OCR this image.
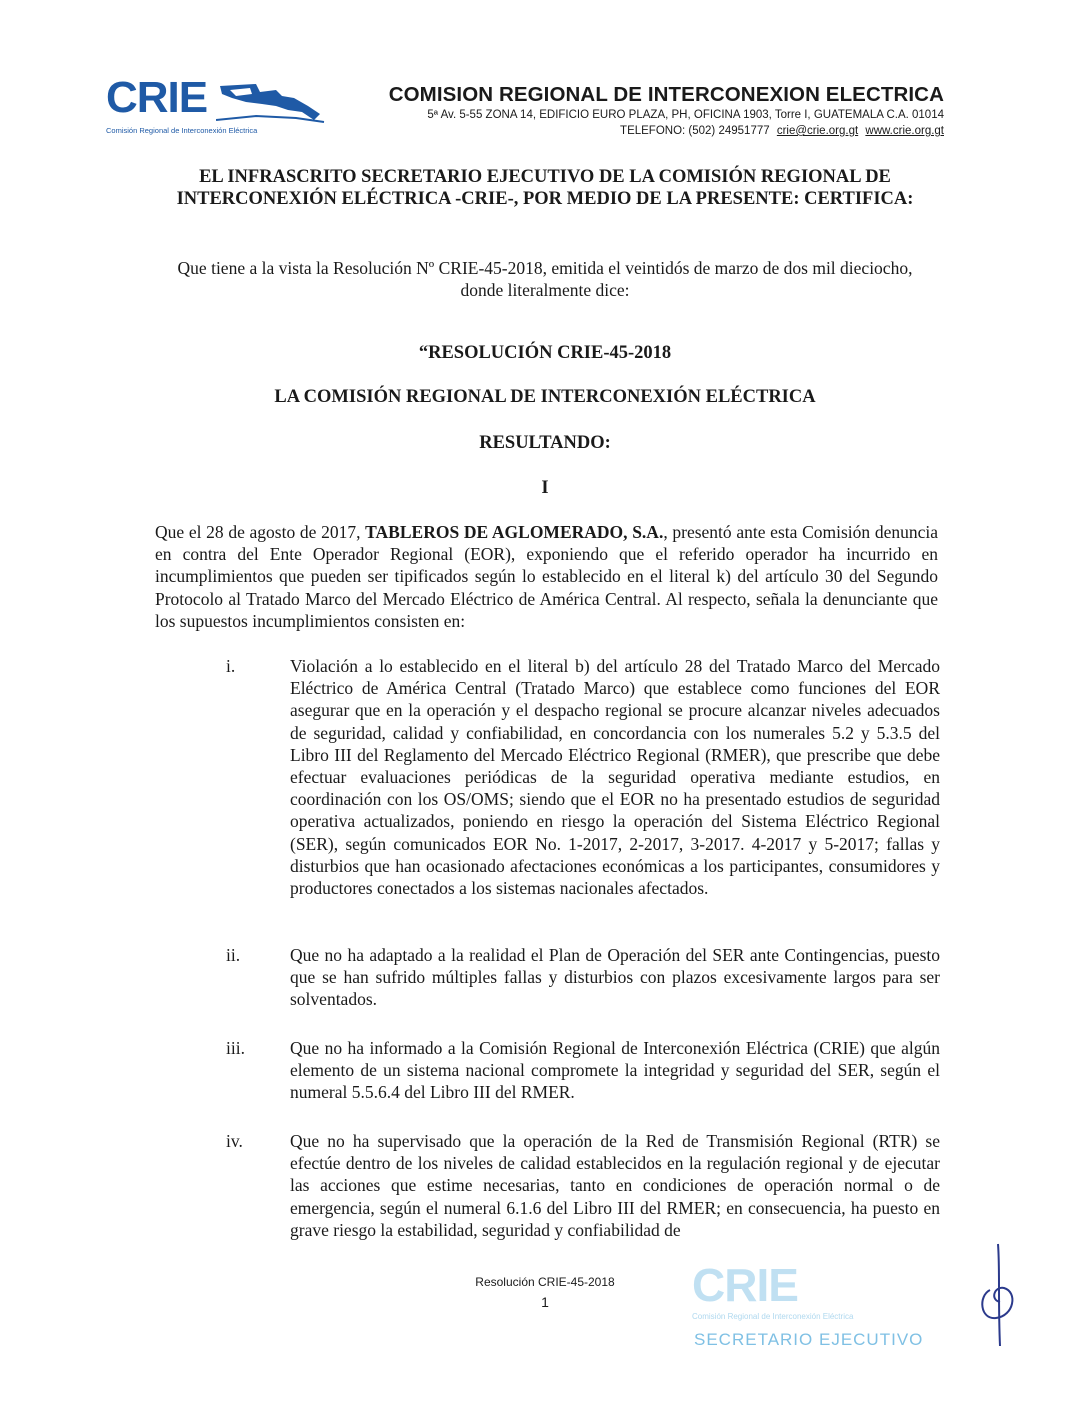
CRIE
Comisión Regional de Interconexión Eléctrica
COMISION REGIONAL DE INTERCONEXION ELECTRICA
5ª Av. 5-55 ZONA 14, EDIFICIO EURO PLAZA, PH, OFICINA 1903, Torre I, GUATEMALA C.A. 01014
TELEFONO: (502) 24951777 crie@crie.org.gt www.crie.org.gt
EL INFRASCRITO SECRETARIO EJECUTIVO DE LA COMISIÓN REGIONAL DE INTERCONEXIÓN ELÉCTRICA -CRIE-, POR MEDIO DE LA PRESENTE: CERTIFICA:
Que tiene a la vista la Resolución Nº CRIE-45-2018, emitida el veintidós de marzo de dos mil dieciocho, donde literalmente dice:
“RESOLUCIÓN CRIE-45-2018
LA COMISIÓN REGIONAL DE INTERCONEXIÓN ELÉCTRICA
RESULTANDO:
I
Que el 28 de agosto de 2017, TABLEROS DE AGLOMERADO, S.A., presentó ante esta Comisión denuncia en contra del Ente Operador Regional (EOR), exponiendo que el referido operador ha incurrido en incumplimientos que pueden ser tipificados según lo establecido en el literal k) del artículo 30 del Segundo Protocolo al Tratado Marco del Mercado Eléctrico de América Central. Al respecto, señala la denunciante que los supuestos incumplimientos consisten en:
i.	Violación a lo establecido en el literal b) del artículo 28 del Tratado Marco del Mercado Eléctrico de América Central (Tratado Marco) que establece como funciones del EOR asegurar que en la operación y el despacho regional se procure alcanzar niveles adecuados de seguridad, calidad y confiabilidad, en concordancia con los numerales 5.2 y 5.3.5 del Libro III del Reglamento del Mercado Eléctrico Regional (RMER), que prescribe que debe efectuar evaluaciones periódicas de la seguridad operativa mediante estudios, en coordinación con los OS/OMS; siendo que el EOR no ha presentado estudios de seguridad operativa actualizados, poniendo en riesgo la operación del Sistema Eléctrico Regional (SER), según comunicados EOR No. 1-2017, 2-2017, 3-2017. 4-2017 y 5-2017; fallas y disturbios que han ocasionado afectaciones económicas a los participantes, consumidores y productores conectados a los sistemas nacionales afectados.
ii.	Que no ha adaptado a la realidad el Plan de Operación del SER ante Contingencias, puesto que se han sufrido múltiples fallas y disturbios con plazos excesivamente largos para ser solventados.
iii.	Que no ha informado a la Comisión Regional de Interconexión Eléctrica (CRIE) que algún elemento de un sistema nacional compromete la integridad y seguridad del SER, según el numeral 5.5.6.4 del Libro III del RMER.
iv.	Que no ha supervisado que la operación de la Red de Transmisión Regional (RTR) se efectúe dentro de los niveles de calidad establecidos en la regulación regional y de ejecutar las acciones que estime necesarias, tanto en condiciones de operación normal o de emergencia, según el numeral 6.1.6 del Libro III del RMER; en consecuencia, ha puesto en grave riesgo la estabilidad, seguridad y confiabilidad de
Resolución CRIE-45-2018
1	CRIE
Comisión Regional de Interconexión Eléctrica
SECRETARIO EJECUTIVO
